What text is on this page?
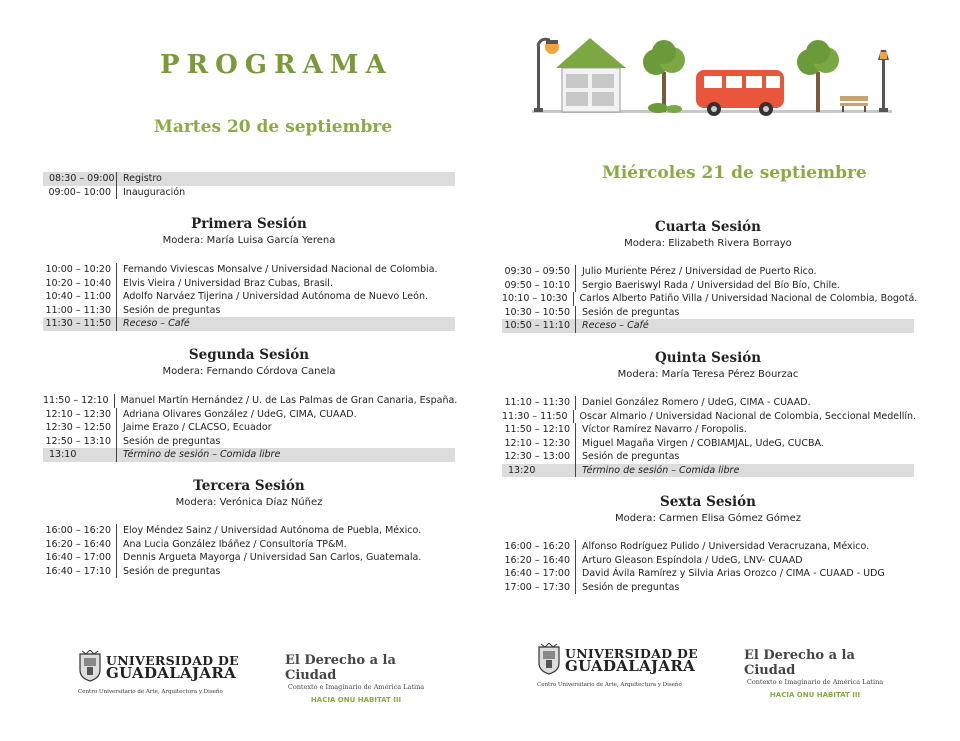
PROGRAMA
Martes 20 de septiembre
Miércoles 21 de septiembre
08:30 – 09:00 Registro
09:00– 10:00	Inauguración
Primera Sesión
Modera: María Luisa García Yerena
10:00 – 10:20	Fernando Viviescas Monsalve / Universidad Nacional de Colombia.
10:20 – 10:40	Elvis Vieira / Universidad Braz Cubas, Brasil.
10:40 – 11:00	Adolfo Narváez Tijerina / Universidad Autónoma de Nuevo León.
11:00 – 11:30	Sesión de preguntas
11:30 – 11:50	Receso – Café
Segunda Sesión
Modera: Fernando Córdova Canela
11:50 – 12:10	Manuel Martín Hernández / U. de Las Palmas de Gran Canaria, España.
12:10 – 12:30	Adriana Olivares González / UdeG, CIMA, CUAAD.
12:30 – 12:50	Jaime Erazo / CLACSO, Ecuador
12:50 – 13:10	Sesión de preguntas
13:10	Término de sesión – Comida libre
Tercera Sesión
Modera: Verónica Díaz Núñez
16:00 – 16:20	Eloy Méndez Sainz / Universidad Autónoma de Puebla, México.
16:20 – 16:40	Ana Lucia González Ibáñez / Consultoría TP&M.
16:40 – 17:00	Dennis Argueta Mayorga / Universidad San Carlos, Guatemala.
16:40 – 17:10	Sesión de preguntas
Cuarta Sesión
Modera: Elizabeth Rivera Borrayo
09:30 – 09:50	Julio Muriente Pérez / Universidad de Puerto Rico.
09:50 – 10:10	Sergio Baeriswyl Rada / Universidad del Bío Bío, Chile.
10:10 – 10:30	Carlos Alberto Patiño Villa / Universidad Nacional de Colombia, Bogotá.
10:30 – 10:50	Sesión de preguntas
10:50 – 11:10	Receso – Café
Quinta Sesión
Modera: María Teresa Pérez Bourzac
11:10 – 11:30	Daniel González Romero / UdeG, CIMA - CUAAD.
11:30 – 11:50	Oscar Almario / Universidad Nacional de Colombia, Seccional Medellín.
11:50 – 12:10	Víctor Ramírez Navarro / Foropolis.
12:10 – 12:30	Miguel Magaña Virgen / COBIAMJAL, UdeG, CUCBA.
12:30 – 13:00	Sesión de preguntas
13:20	Término de sesión – Comida libre
Sexta Sesión
Modera: Carmen Elisa Gómez Gómez
16:00 – 16:20	Alfonso Rodríguez Pulido / Universidad Veracruzana, México.
16:20 – 16:40	Arturo Gleason Espíndola / UdeG, LNV- CUAAD
16:40 – 17:00	David Ávila Ramírez y Silvia Arias Orozco / CIMA - CUAAD - UDG
17:00 – 17:30	Sesión de preguntas
UNIVERSIDAD DE
GUADALAJARA
Centro Universitario de Arte, Arquitectura y Diseño
El Derecho a la Ciudad
Contexto e Imaginario de América Latina
HACIA ONU HABITAT III
UNIVERSIDAD DE
GUADALAJARA
Centro Universitario de Arte, Arquitectura y Diseño
El Derecho a la Ciudad
Contexto e Imaginario de América Latina
HACIA ONU HABITAT III
